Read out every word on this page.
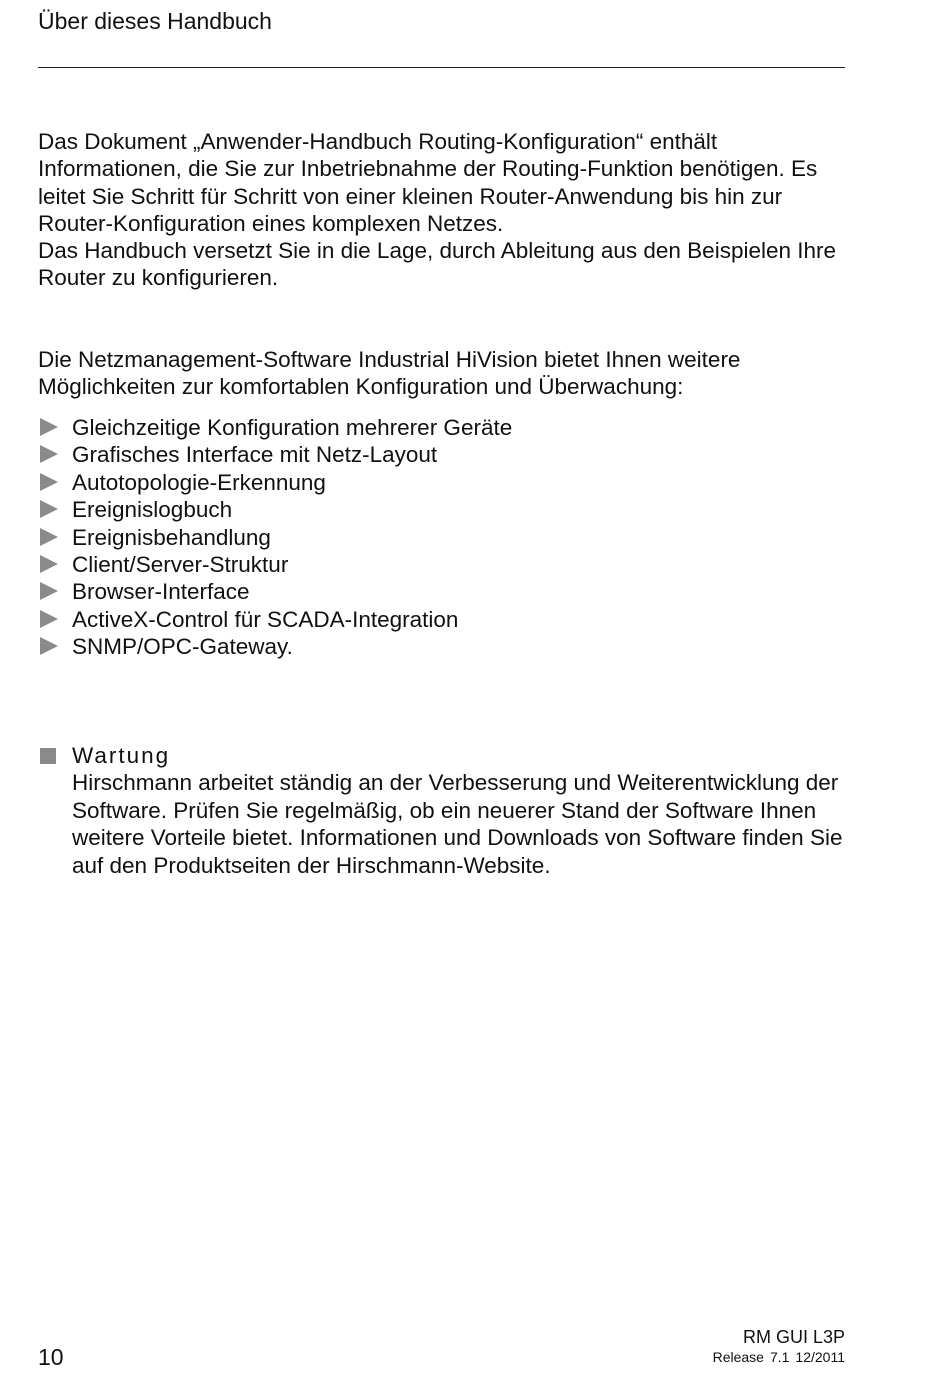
Über dieses Handbuch

Das Dokument „Anwender-Handbuch Routing-Konfiguration“ enthält Informationen, die Sie zur Inbetriebnahme der Routing-Funktion benötigen. Es leitet Sie Schritt für Schritt von einer kleinen Router-Anwendung bis hin zur Router-Konfiguration eines komplexen Netzes.

Das Handbuch versetzt Sie in die Lage, durch Ableitung aus den Beispielen Ihre Router zu konfigurieren.

Die Netzmanagement-Software Industrial HiVision bietet Ihnen weitere Möglichkeiten zur komfortablen Konfiguration und Überwachung:

Gleichzeitige Konfiguration mehrerer Geräte
Grafisches Interface mit Netz-Layout
Autotopologie-Erkennung
Ereignislogbuch
Ereignisbehandlung
Client/Server-Struktur
Browser-Interface
ActiveX-Control für SCADA-Integration
SNMP/OPC-Gateway.
Wartung

Hirschmann arbeitet ständig an der Verbesserung und Weiterentwicklung der Software. Prüfen Sie regelmäßig, ob ein neuerer Stand der Software Ihnen weitere Vorteile bietet. Informationen und Downloads von Software finden Sie auf den Produktseiten der Hirschmann-Website.

10
RM GUI L3P
Release 7.1 12/2011
